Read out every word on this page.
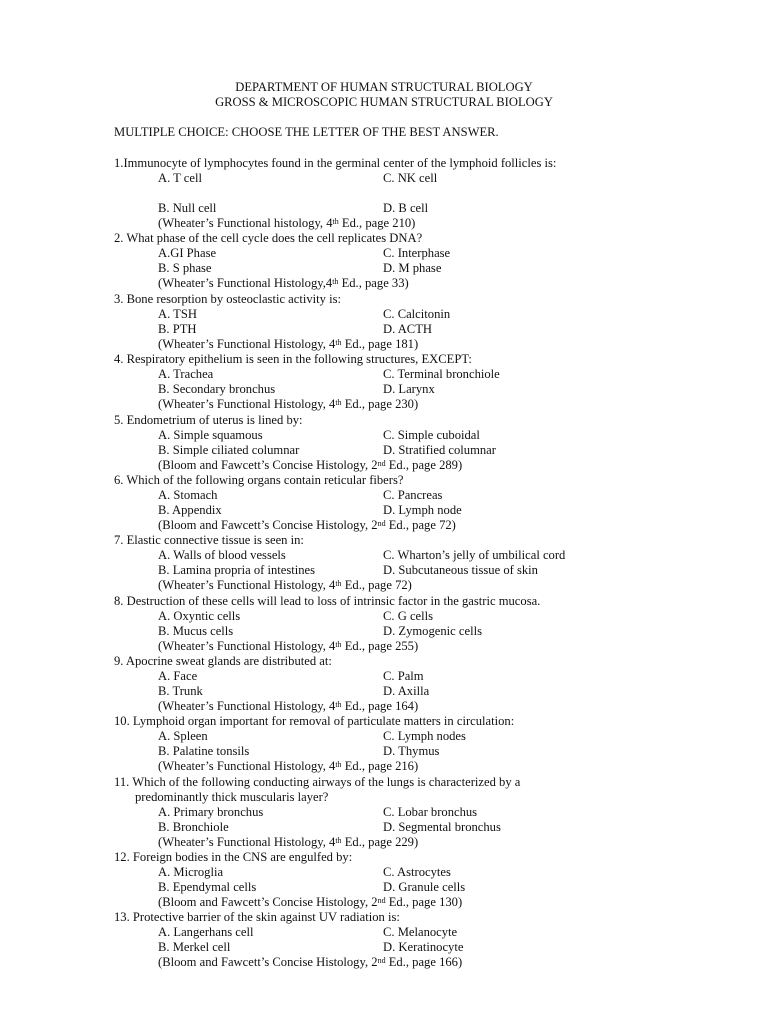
DEPARTMENT OF HUMAN STRUCTURAL BIOLOGY
GROSS & MICROSCOPIC HUMAN STRUCTURAL BIOLOGY
MULTIPLE CHOICE: CHOOSE THE LETTER OF THE BEST ANSWER.
1.Immunocyte of lymphocytes found in the germinal center of the lymphoid follicles is:
A. T cell	C. NK cell
B. Null cell	D. B cell
(Wheater’s Functional histology, 4th Ed., page 210)
2. What phase of the cell cycle does the cell replicates DNA?
A.GI Phase	C. Interphase
B. S phase	D. M phase
(Wheater’s Functional Histology,4th Ed., page 33)
3. Bone resorption by osteoclastic activity is:
A. TSH	C. Calcitonin
B. PTH	D. ACTH
(Wheater’s Functional Histology, 4th Ed., page 181)
4. Respiratory epithelium is seen in the following structures, EXCEPT:
A. Trachea	C. Terminal bronchiole
B. Secondary bronchus	D. Larynx
(Wheater’s Functional Histology, 4th Ed., page 230)
5. Endometrium of uterus is lined by:
A. Simple squamous	C. Simple cuboidal
B. Simple ciliated columnar	D. Stratified columnar
(Bloom and Fawcett’s Concise Histology, 2nd Ed., page 289)
6. Which of the following organs contain reticular fibers?
A. Stomach	C. Pancreas
B. Appendix	D. Lymph node
(Bloom and Fawcett’s Concise Histology, 2nd Ed., page 72)
7. Elastic connective tissue is seen in:
A. Walls of blood vessels	C. Wharton’s jelly of umbilical cord
B. Lamina propria of intestines	D. Subcutaneous tissue of skin
(Wheater’s Functional Histology, 4th Ed., page 72)
8. Destruction of these cells will lead to loss of intrinsic factor in the gastric mucosa.
A. Oxyntic cells	C. G cells
B. Mucus cells	D. Zymogenic cells
(Wheater’s Functional Histology, 4th Ed., page 255)
9. Apocrine sweat glands are distributed at:
A. Face	C. Palm
B. Trunk	D. Axilla
(Wheater’s Functional Histology, 4th Ed., page 164)
10. Lymphoid organ important for removal of particulate matters in circulation:
A. Spleen	C. Lymph nodes
B. Palatine tonsils	D. Thymus
(Wheater’s Functional Histology, 4th Ed., page 216)
11. Which of the following conducting airways of the lungs is characterized by a
predominantly thick muscularis layer?
A. Primary bronchus	C. Lobar bronchus
B. Bronchiole	D. Segmental bronchus
(Wheater’s Functional Histology, 4th Ed., page 229)
12. Foreign bodies in the CNS are engulfed by:
A. Microglia	C. Astrocytes
B. Ependymal cells	D. Granule cells
(Bloom and Fawcett’s Concise Histology, 2nd Ed., page 130)
13. Protective barrier of the skin against UV radiation is:
A. Langerhans cell	C. Melanocyte
B. Merkel cell	D. Keratinocyte
(Bloom and Fawcett’s Concise Histology, 2nd Ed., page 166)
